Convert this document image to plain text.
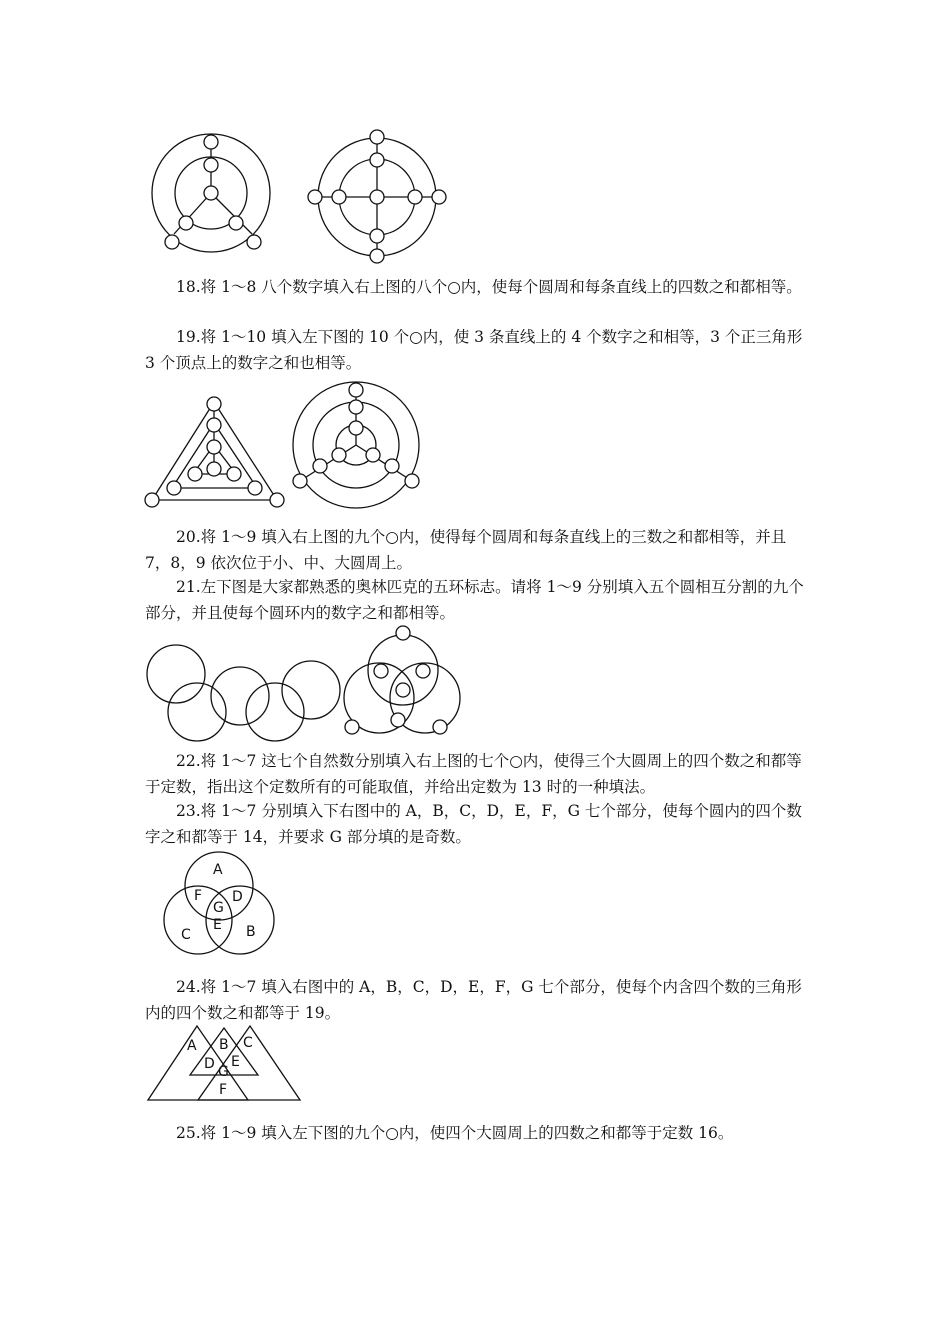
18.将 1～8 八个数字填入右上图的八个○内，使每个圆周和每条直线上的四数之和都相等。

19.将 1～10 填入左下图的 10 个○内，使 3 条直线上的 4 个数字之和相等，3 个正三角形 3 个顶点上的数字之和也相等。

20.将 1～9 填入右上图的九个○内，使得每个圆周和每条直线上的三数之和都相等，并且 7，8，9 依次位于小、中、大圆周上。

21.左下图是大家都熟悉的奥林匹克的五环标志。请将 1～9 分别填入五个圆相互分割的九个部分，并且使每个圆环内的数字之和都相等。

22.将 1～7 这七个自然数分别填入右上图的七个○内，使得三个大圆周上的四个数之和都等于定数，指出这个定数所有的可能取值，并给出定数为 13 时的一种填法。

23.将 1～7 分别填入下右图中的 A，B，C，D，E，F，G 七个部分，使每个圆内的四个数字之和都等于 14，并要求 G 部分填的是奇数。

A
F D
G
E
C	B

24.将 1～7 填入右图中的 A，B，C，D，E，F，G 七个部分，使每个内含四个数的三角形内的四个数之和都等于 19。

A B C
D E
G
F

25.将 1～9 填入左下图的九个○内，使四个大圆周上的四数之和都等于定数 16。
